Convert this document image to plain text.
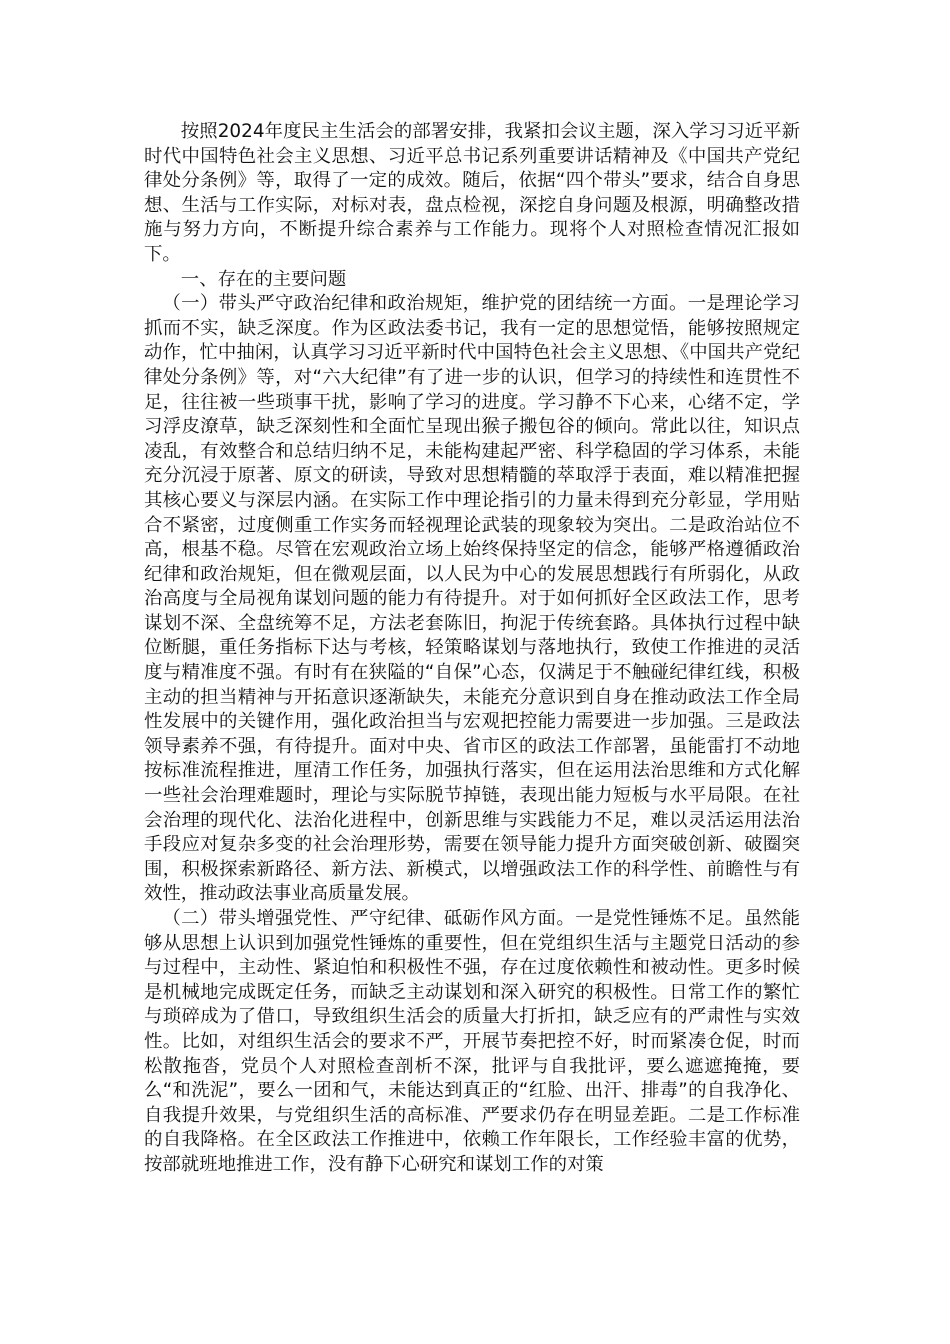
按照2024年度民主生活会的部署安排，我紧扣会议主题，深入学习习近平新时代中国特色社会主义思想、习近平总书记系列重要讲话精神及《中国共产党纪律处分条例》等，取得了一定的成效。随后，依据“四个带头”要求，结合自身思想、生活与工作实际，对标对表，盘点检视，深挖自身问题及根源，明确整改措施与努力方向，不断提升综合素养与工作能力。现将个人对照检查情况汇报如下。

一、存在的主要问题

（一）带头严守政治纪律和政治规矩，维护党的团结统一方面。一是理论学习抓而不实，缺乏深度。作为区政法委书记，我有一定的思想觉悟，能够按照规定动作，忙中抽闲，认真学习习近平新时代中国特色社会主义思想、《中国共产党纪律处分条例》等，对“六大纪律”有了进一步的认识，但学习的持续性和连贯性不足，往往被一些琐事干扰，影响了学习的进度。学习静不下心来，心绪不定，学习浮皮潦草，缺乏深刻性和全面忙呈现出猴子搬包谷的倾向。常此以往，知识点凌乱，有效整合和总结归纳不足，未能构建起严密、科学稳固的学习体系，未能充分沉浸于原著、原文的研读，导致对思想精髓的萃取浮于表面，难以精准把握其核心要义与深层内涵。在实际工作中理论指引的力量未得到充分彰显，学用贴合不紧密，过度侧重工作实务而轻视理论武装的现象较为突出。二是政治站位不高，根基不稳。尽管在宏观政治立场上始终保持坚定的信念，能够严格遵循政治纪律和政治规矩，但在微观层面，以人民为中心的发展思想践行有所弱化，从政治高度与全局视角谋划问题的能力有待提升。对于如何抓好全区政法工作，思考谋划不深、全盘统筹不足，方法老套陈旧，拘泥于传统套路。具体执行过程中缺位断腿，重任务指标下达与考核，轻策略谋划与落地执行，致使工作推进的灵活度与精准度不强。有时有在狭隘的“自保”心态，仅满足于不触碰纪律红线，积极主动的担当精神与开拓意识逐渐缺失，未能充分意识到自身在推动政法工作全局性发展中的关键作用，强化政治担当与宏观把控能力需要进一步加强。三是政法领导素养不强，有待提升。面对中央、省市区的政法工作部署，虽能雷打不动地按标准流程推进，厘清工作任务，加强执行落实，但在运用法治思维和方式化解一些社会治理难题时，理论与实际脱节掉链，表现出能力短板与水平局限。在社会治理的现代化、法治化进程中，创新思维与实践能力不足，难以灵活运用法治手段应对复杂多变的社会治理形势，需要在领导能力提升方面突破创新、破圈突围，积极探索新路径、新方法、新模式，以增强政法工作的科学性、前瞻性与有效性，推动政法事业高质量发展。

（二）带头增强党性、严守纪律、砥砺作风方面。一是党性锤炼不足。虽然能够从思想上认识到加强党性锤炼的重要性，但在党组织生活与主题党日活动的参与过程中，主动性、紧迫怕和积极性不强，存在过度依赖性和被动性。更多时候是机械地完成既定任务，而缺乏主动谋划和深入研究的积极性。日常工作的繁忙与琐碎成为了借口，导致组织生活会的质量大打折扣，缺乏应有的严肃性与实效性。比如，对组织生活会的要求不严，开展节奏把控不好，时而紧凑仓促，时而松散拖沓，党员个人对照检查剖析不深，批评与自我批评，要么遮遮掩掩，要么“和洗泥”，要么一团和气，未能达到真正的“红脸、出汗、排毒”的自我净化、自我提升效果，与党组织生活的高标准、严要求仍存在明显差距。二是工作标准的自我降格。在全区政法工作推进中，依赖工作年限长，工作经验丰富的优势，按部就班地推进工作，没有静下心研究和谋划工作的对策
